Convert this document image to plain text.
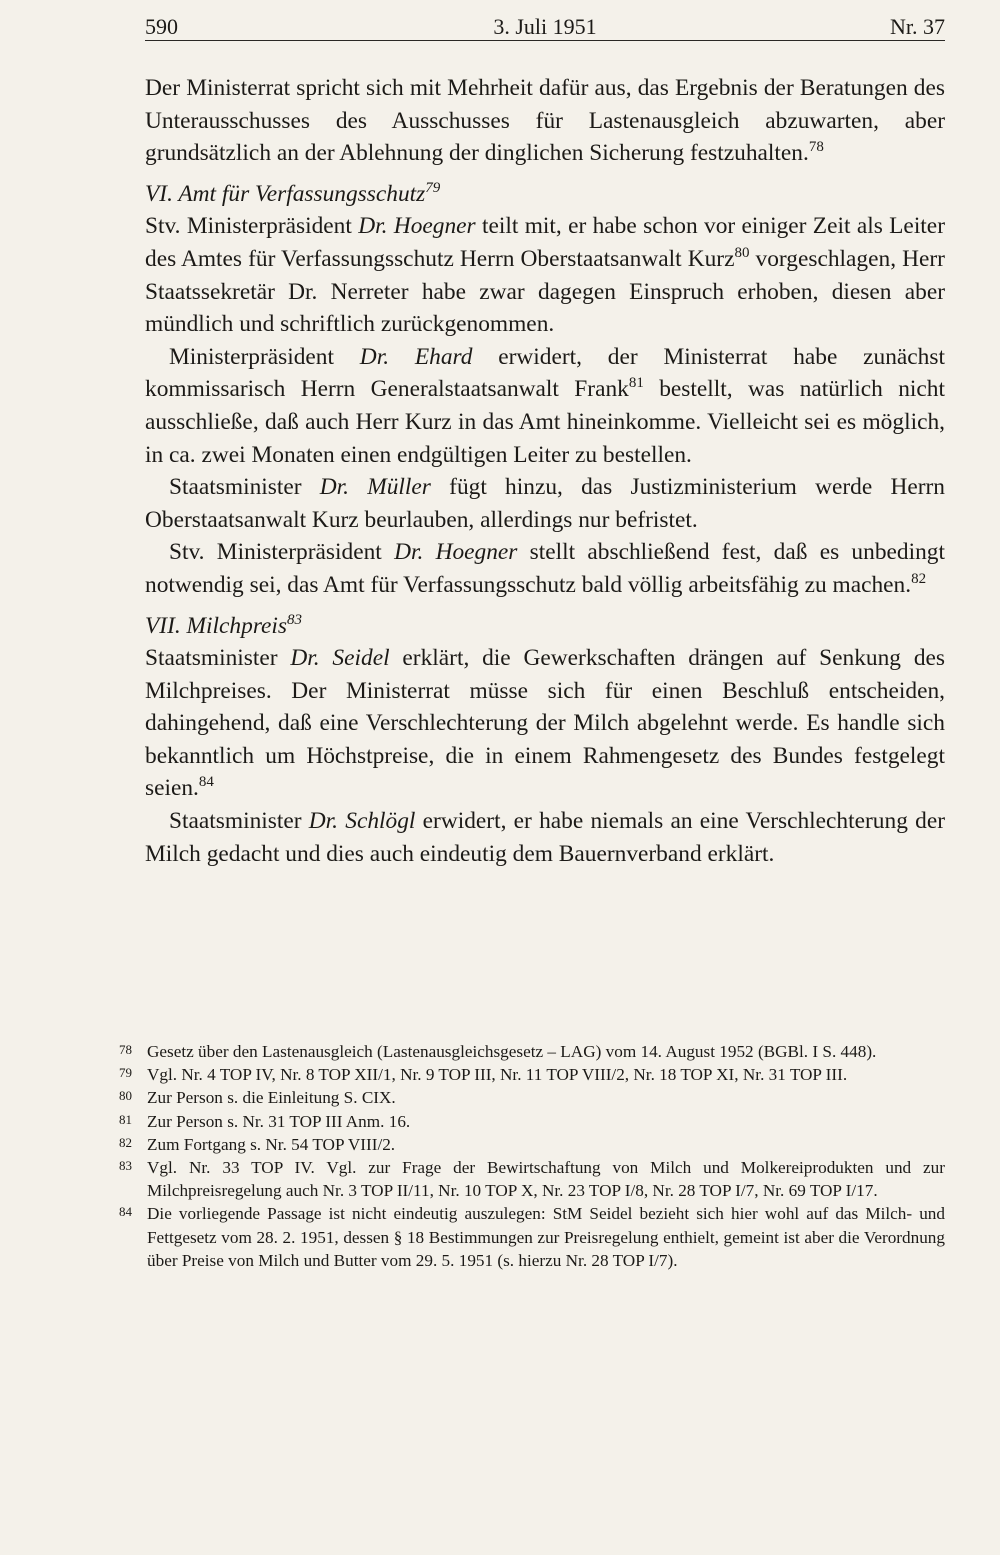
590	3. Juli 1951	Nr. 37

Der Ministerrat spricht sich mit Mehrheit dafür aus, das Ergebnis der Beratungen des Unterausschusses des Ausschusses für Lastenausgleich abzuwarten, aber grundsätzlich an der Ablehnung der dinglichen Sicherung festzuhalten.$^{78}$

VI. Amt für Verfassungsschutz$^{79}$

Stv. Ministerpräsident Dr. Hoegner teilt mit, er habe schon vor einiger Zeit als Leiter des Amtes für Verfassungsschutz Herrn Oberstaatsanwalt Kurz$^{80}$ vorgeschlagen, Herr Staatssekretär Dr. Nerreter habe zwar dagegen Einspruch erhoben, diesen aber mündlich und schriftlich zurückgenommen.

Ministerpräsident Dr. Ehard erwidert, der Ministerrat habe zunächst kommissarisch Herrn Generalstaatsanwalt Frank$^{81}$ bestellt, was natürlich nicht ausschließe, daß auch Herr Kurz in das Amt hineinkomme. Vielleicht sei es möglich, in ca. zwei Monaten einen endgültigen Leiter zu bestellen.

Staatsminister Dr. Müller fügt hinzu, das Justizministerium werde Herrn Oberstaatsanwalt Kurz beurlauben, allerdings nur befristet.

Stv. Ministerpräsident Dr. Hoegner stellt abschließend fest, daß es unbedingt notwendig sei, das Amt für Verfassungsschutz bald völlig arbeitsfähig zu machen.$^{82}$

VII. Milchpreis$^{83}$

Staatsminister Dr. Seidel erklärt, die Gewerkschaften drängen auf Senkung des Milchpreises. Der Ministerrat müsse sich für einen Beschluß entscheiden, dahingehend, daß eine Verschlechterung der Milch abgelehnt werde. Es handle sich bekanntlich um Höchstpreise, die in einem Rahmengesetz des Bundes festgelegt seien.$^{84}$

Staatsminister Dr. Schlögl erwidert, er habe niemals an eine Verschlechterung der Milch gedacht und dies auch eindeutig dem Bauernverband erklärt.

78 Gesetz über den Lastenausgleich (Lastenausgleichsgesetz – LAG) vom 14. August 1952 (BGBl. I S. 448).

79 Vgl. Nr. 4 TOP IV, Nr. 8 TOP XII/1, Nr. 9 TOP III, Nr. 11 TOP VIII/2, Nr. 18 TOP XI, Nr. 31 TOP III.

80 Zur Person s. die Einleitung S. CIX.

81 Zur Person s. Nr. 31 TOP III Anm. 16.

82 Zum Fortgang s. Nr. 54 TOP VIII/2.

83 Vgl. Nr. 33 TOP IV. Vgl. zur Frage der Bewirtschaftung von Milch und Molkereiprodukten und zur Milchpreisregelung auch Nr. 3 TOP II/11, Nr. 10 TOP X, Nr. 23 TOP I/8, Nr. 28 TOP I/7, Nr. 69 TOP I/17.

84 Die vorliegende Passage ist nicht eindeutig auszulegen: StM Seidel bezieht sich hier wohl auf das Milch- und Fettgesetz vom 28. 2. 1951, dessen § 18 Bestimmungen zur Preisregelung enthielt, gemeint ist aber die Verordnung über Preise von Milch und Butter vom 29. 5. 1951 (s. hierzu Nr. 28 TOP I/7).
